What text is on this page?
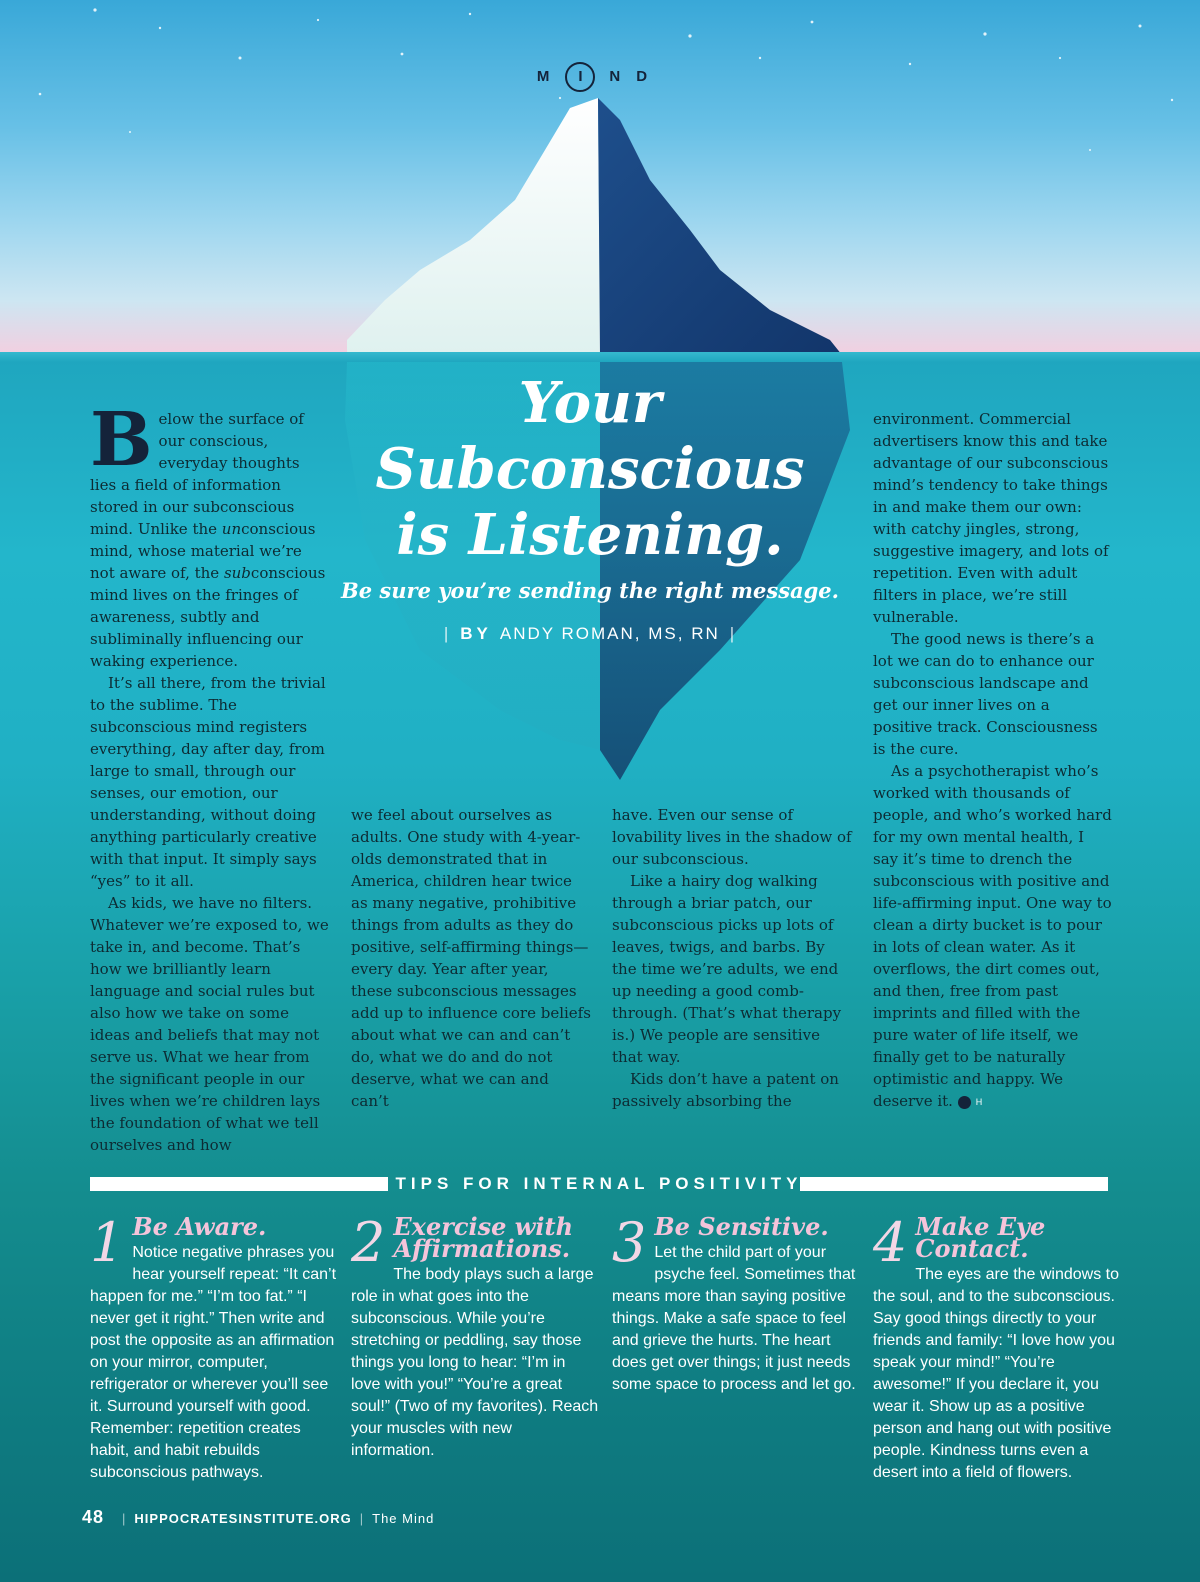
M I ND
Your Subconscious is Listening.
Be sure you’re sending the right message.
| BY ANDY ROMAN, MS, RN |

Below the surface of our conscious, everyday thoughts lies a field of information stored in our subconscious mind. Unlike the unconscious mind, whose material we’re not aware of, the subconscious mind lives on the fringes of awareness, subtly and subliminally influencing our waking experience.

It’s all there, from the trivial to the sublime. The subconscious mind registers everything, day after day, from large to small, through our senses, our emotion, our understanding, without doing anything particularly creative with that input. It simply says “yes” to it all.

As kids, we have no filters. Whatever we’re exposed to, we take in, and become. That’s how we brilliantly learn language and social rules but also how we take on some ideas and beliefs that may not serve us. What we hear from the significant people in our lives when we’re children lays the foundation of what we tell ourselves and how

we feel about ourselves as adults. One study with 4-year-olds demonstrated that in America, children hear twice as many negative, prohibitive things from adults as they do positive, self-affirming things—every day. Year after year, these subconscious messages add up to influence core beliefs about what we can and can’t do, what we do and do not deserve, what we can and can’t

have. Even our sense of lovability lives in the shadow of our subconscious.

Like a hairy dog walking through a briar patch, our subconscious picks up lots of leaves, twigs, and barbs. By the time we’re adults, we end up needing a good comb-through. (That’s what therapy is.) We people are sensitive that way.

Kids don’t have a patent on passively absorbing the

environment. Commercial advertisers know this and take advantage of our subconscious mind’s tendency to take things in and make them our own: with catchy jingles, strong, suggestive imagery, and lots of repetition. Even with adult filters in place, we’re still vulnerable.

The good news is there’s a lot we can do to enhance our subconscious landscape and get our inner lives on a positive track. Consciousness is the cure.

As a psychotherapist who’s worked with thousands of people, and who’s worked hard for my own mental health, I say it’s time to drench the subconscious with positive and life-affirming input. One way to clean a dirty bucket is to pour in lots of clean water. As it overflows, the dirt comes out, and then, free from past imprints and filled with the pure water of life itself, we finally get to be naturally optimistic and happy. We deserve it.	H

TIPS FOR INTERNAL POSITIVITY
1 Be Aware.
Notice negative phrases you hear yourself repeat: “It can’t happen for me.” “I’m too fat.” “I never get it right.” Then write and post the opposite as an affirmation on your mirror, computer, refrigerator or wherever you’ll see it. Surround yourself with good. Remember: repetition creates habit, and habit rebuilds subconscious pathways.
2 Exercise with Affirmations.
The body plays such a large role in what goes into the subconscious. While you’re stretching or peddling, say those things you long to hear: “I’m in love with you!” “You’re a great soul!” (Two of my favorites). Reach your muscles with new information.
3 Be Sensitive.
Let the child part of your psyche feel. Sometimes that means more than saying positive things. Make a safe space to feel and grieve the hurts. The heart does get over things; it just needs some space to process and let go.
4 Make Eye Contact.
The eyes are the windows to the soul, and to the subconscious. Say good things directly to your friends and family: “I love how you speak your mind!” “You’re awesome!” If you declare it, you wear it. Show up as a positive person and hang out with positive people. Kindness turns even a desert into a field of flowers.
48 | HIPPOCRATESINSTITUTE.ORG | The Mind
